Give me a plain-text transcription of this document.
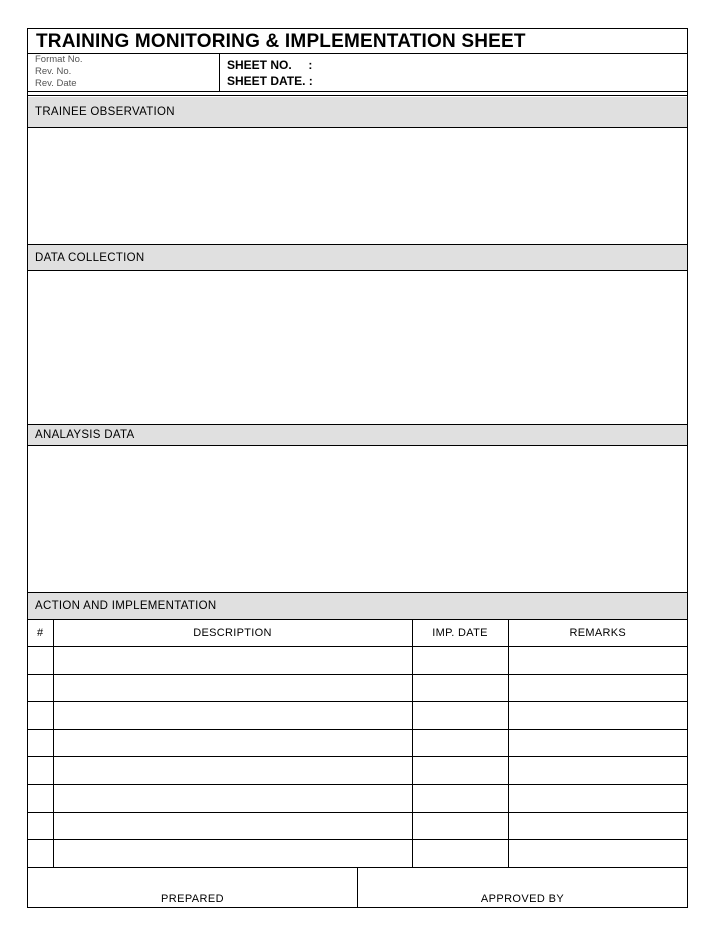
TRAINING MONITORING & IMPLEMENTATION SHEET
Format No.
Rev. No.
Rev. Date
SHEET NO.     :
SHEET DATE. :
TRAINEE OBSERVATION
DATA COLLECTION
ANALAYSIS DATA
ACTION AND IMPLEMENTATION
#	DESCRIPTION	IMP. DATE	REMARKS

PREPARED	APPROVED BY
